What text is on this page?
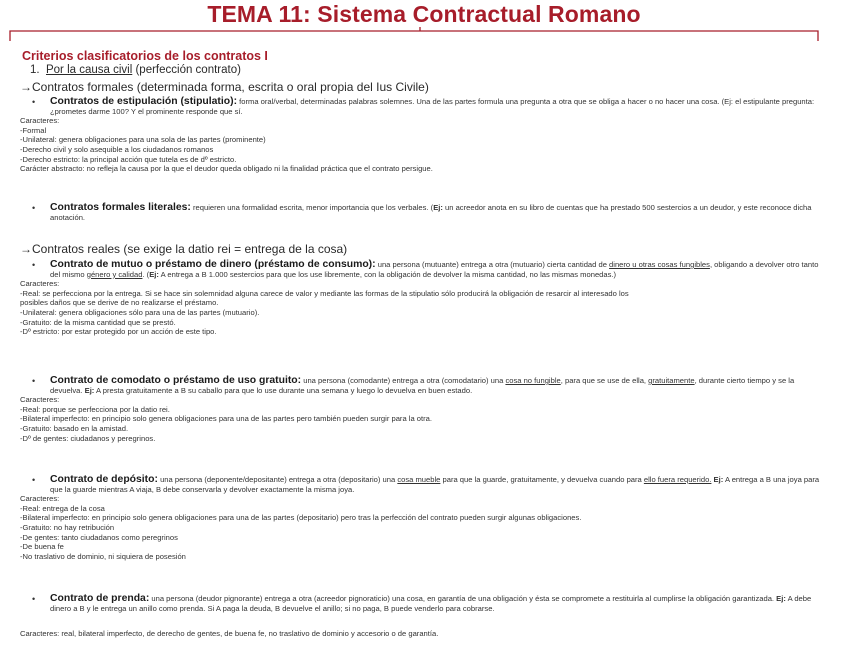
TEMA 11: Sistema Contractual Romano
Criterios clasificatorios de los contratos I
1. Por la causa civil (perfección contrato)
→Contratos formales (determinada forma, escrita o oral propia del Ius Civile)
• Contratos de estipulación (stipulatio): forma oral/verbal, determinadas palabras solemnes. Una de las partes formula una pregunta a otra que se obliga a hacer o no hacer una cosa. (Ej: el estipulante pregunta: ¿prometes darme 100? Y el prominente responde que sí.
Caracteres:
-Formal
-Unilateral: genera obligaciones para una sola de las partes (prominente)
-Derecho civil y solo asequible a los ciudadanos romanos
-Derecho estricto: la principal acción que tutela es de dº estricto.
Carácter abstracto: no refleja la causa por la que el deudor queda obligado ni la finalidad práctica que el contrato persigue.
• Contratos formales literales: requieren una formalidad escrita, menor importancia que los verbales. (Ej: un acreedor anota en su libro de cuentas que ha prestado 500 sestercios a un deudor, y este reconoce dicha anotación.
→Contratos reales (se exige la datio rei = entrega de la cosa)
• Contrato de mutuo o préstamo de dinero (préstamo de consumo): una persona (mutuante) entrega a otra (mutuario) cierta cantidad de dinero u otras cosas fungibles, obligando a devolver otro tanto del mismo género y calidad. (Ej: A entrega a B 1.000 sestercios para que los use libremente, con la obligación de devolver la misma cantidad, no las mismas monedas.)
Caracteres:
-Real: se perfecciona por la entrega. Si se hace sin solemnidad alguna carece de valor y mediante las formas de la stipulatio sólo producirá la obligación de resarcir al interesado los
posibles daños que se derive de no realizarse el préstamo.
-Unilateral: genera obligaciones sólo para una de las partes (mutuario).
-Gratuito: de la misma cantidad que se prestó.
-Dº estricto: por estar protegido por un acción de este tipo.
• Contrato de comodato o préstamo de uso gratuito: una persona (comodante) entrega a otra (comodatario) una cosa no fungible, para que se use de ella, gratuitamente, durante cierto tiempo y se la devuelva. Ej: A presta gratuitamente a B su caballo para que lo use durante una semana y luego lo devuelva en buen estado.
Caracteres:
-Real: porque se perfecciona por la datio rei.
-Bilateral imperfecto: en principio solo genera obligaciones para una de las partes pero también pueden surgir para la otra.
-Gratuito: basado en la amistad.
-Dº de gentes: ciudadanos y peregrinos.
• Contrato de depósito: una persona (deponente/depositante) entrega a otra (depositario) una cosa mueble para que la guarde, gratuitamente, y devuelva cuando para ello fuera requerido. Ej: A entrega a B una joya para que la guarde mientras A viaja, B debe conservarla y devolver exactamente la misma joya.
Caracteres:
-Real: entrega de la cosa
-Bilateral imperfecto: en principio solo genera obligaciones para una de las partes (depositario) pero tras la perfección del contrato pueden surgir algunas obligaciones.
-Gratuito: no hay retribución
-De gentes: tanto ciudadanos como peregrinos
-De buena fe
-No traslativo de dominio, ni siquiera de posesión
• Contrato de prenda: una persona (deudor pignorante) entrega a otra (acreedor pignoraticio) una cosa, en garantía de una obligación y ésta se compromete a restituirla al cumplirse la obligación garantizada. Ej: A debe dinero a B y le entrega un anillo como prenda. Si A paga la deuda, B devuelve el anillo; si no paga, B puede venderlo para cobrarse.
Caracteres: real, bilateral imperfecto, de derecho de gentes, de buena fe, no traslativo de dominio y accesorio o de garantía.
